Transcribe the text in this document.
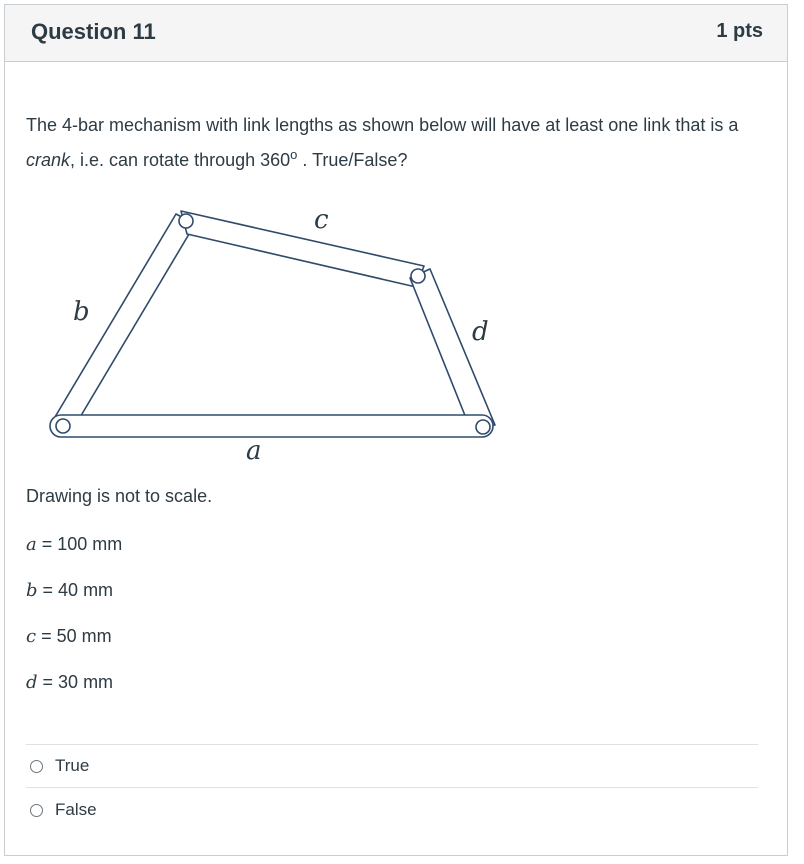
Question 11	1 pts
The 4-bar mechanism with link lengths as shown below will have at least one link that is a crank, i.e. can rotate through 360$^o$ . True/False?
a
b
c
d
Drawing is not to scale.
a = 100 mm
b = 40 mm
c = 50 mm
d = 30 mm
True
False
